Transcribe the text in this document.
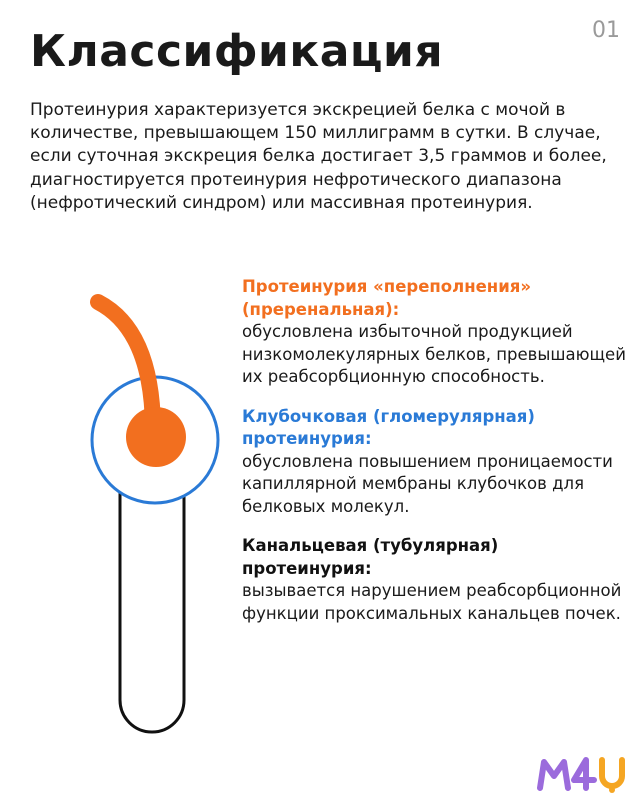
01
Классификация

Протеинурия характеризуется экскрецией белка с мочой в количестве, превышающем 150 миллиграмм в сутки. В случае, если суточная экскреция белка достигает 3,5 граммов и более, диагностируется протеинурия нефротического диапазона (нефротический синдром) или массивная протеинурия.

Протеинурия «переполнения» (преренальная):

обусловлена избыточной продукцией низкомолекулярных белков, превышающей их реабсорбционную способность.

Клубочковая (гломерулярная) протеинурия:

обусловлена повышением проницаемости капиллярной мембраны клубочков для белковых молекул.

Канальцевая (тубулярная) протеинурия:

вызывается нарушением реабсорбционной функции проксимальных канальцев почек.
